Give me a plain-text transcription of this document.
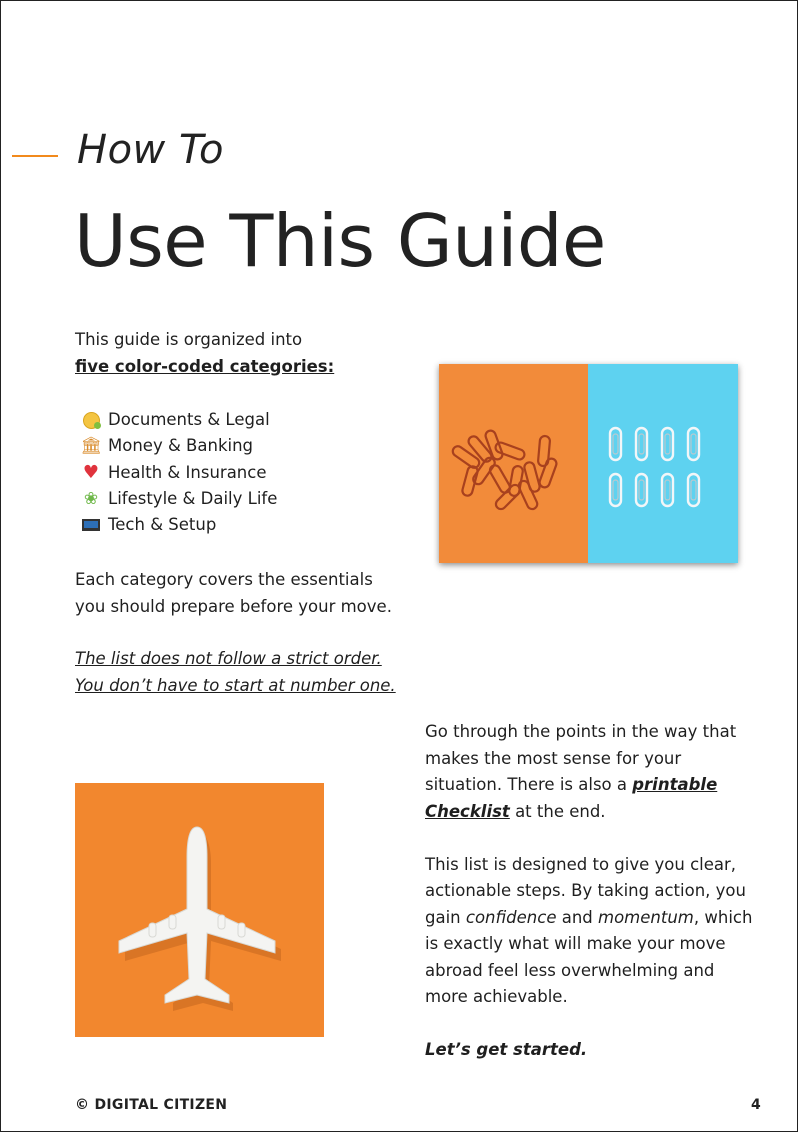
How To
Use This Guide
This guide is organized into
five color-coded categories:
Documents & Legal
🏛︎ Money & Banking
♥ Health & Insurance
❀ Lifestyle & Daily Life
Tech & Setup
Each category covers the essentials
you should prepare before your move.
The list does not follow a strict order.
You don’t have to start at number one.

Go through the points in the way that makes the most sense for your situation. There is also a printable Checklist at the end.

This list is designed to give you clear, actionable steps. By taking action, you gain confidence and momentum, which is exactly what will make your move abroad feel less overwhelming and more achievable.

Let’s get started.

© DIGITAL CITIZEN	4
